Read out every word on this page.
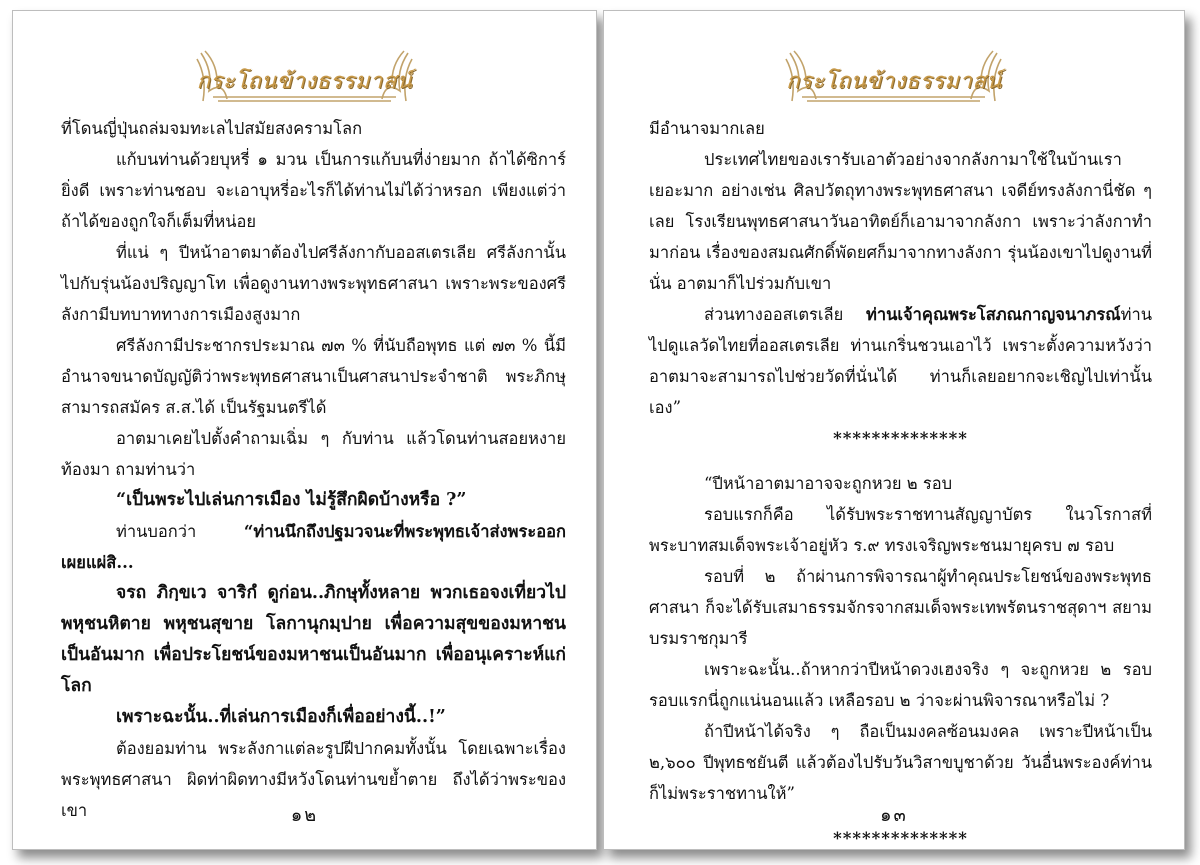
กระโถนข้างธรรมาสน์

ที่โดนญี่ปุ่นถล่มจมทะเลไปสมัยสงครามโลก

แก้บนท่านด้วยบุหรี่ ๑ มวน เป็นการแก้บนที่ง่ายมาก ถ้าได้ซิการ์ยิ่งดี เพราะท่านชอบ จะเอาบุหรี่อะไรก็ได้ท่านไม่ได้ว่าหรอก เพียงแต่ว่าถ้าได้ของถูกใจก็เต็มที่หน่อย

ที่แน่ ๆ ปีหน้าอาตมาต้องไปศรีลังกากับออสเตรเลีย ศรีลังกานั้นไปกับรุ่นน้องปริญญาโท เพื่อดูงานทางพระพุทธศาสนา เพราะพระของศรีลังกามีบทบาททางการเมืองสูงมาก

ศรีลังกามีประชากรประมาณ ๗๓ % ที่นับถือพุทธ แต่ ๗๓ % นี้มีอำนาจขนาดบัญญัติว่าพระพุทธศาสนาเป็นศาสนาประจำชาติ พระภิกษุสามารถสมัคร ส.ส.ได้ เป็นรัฐมนตรีได้

อาตมาเคยไปตั้งคำถามเฉิ่ม ๆ กับท่าน แล้วโดนท่านสอยหงายท้องมา ถามท่านว่า

“เป็นพระไปเล่นการเมือง ไม่รู้สึกผิดบ้างหรือ ?”

ท่านบอกว่า	“ท่านนึกถึงปฐมวจนะที่พระพุทธเจ้าส่งพระออกเผยแผ่สิ...

จรถ ภิกฺขเว จาริกํ ดูก่อน..ภิกษุทั้งหลาย พวกเธอจงเที่ยวไปพหุชนหิตาย พหุชนสุขาย โลกานุกมฺปาย เพื่อความสุขของมหาชนเป็นอันมาก เพื่อประโยชน์ของมหาชนเป็นอันมาก เพื่ออนุเคราะห์แก่โลก

เพราะฉะนั้น..ที่เล่นการเมืองก็เพื่ออย่างนี้..!”

ต้องยอมท่าน พระลังกาแต่ละรูปฝีปากคมทั้งนั้น โดยเฉพาะเรื่องพระพุทธศาสนา ผิดท่าผิดทางมีหวังโดนท่านขย้ำตาย ถึงได้ว่าพระของเขา	๑๒
กระโถนข้างธรรมาสน์

มีอำนาจมากเลย

ประเทศไทยของเรารับเอาตัวอย่างจากลังกามาใช้ในบ้านเราเยอะมาก อย่างเช่น ศิลปวัตถุทางพระพุทธศาสนา เจดีย์ทรงลังกานี่ชัด ๆ เลย โรงเรียนพุทธศาสนาวันอาทิตย์ก็เอามาจากลังกา เพราะว่าลังกาทำมาก่อน เรื่องของสมณศักดิ์พัดยศก็มาจากทางลังกา รุ่นน้องเขาไปดูงานที่นั่น อาตมาก็ไปร่วมกับเขา

ส่วนทางออสเตรเลีย ท่านเจ้าคุณพระโสภณกาญจนาภรณ์ท่านไปดูแลวัดไทยที่ออสเตรเลีย ท่านเกริ่นชวนเอาไว้ เพราะตั้งความหวังว่าอาตมาจะสามารถไปช่วยวัดที่นั่นได้ ท่านก็เลยอยากจะเชิญไปเท่านั้นเอง”

**************

“ปีหน้าอาตมาอาจจะถูกหวย ๒ รอบ

รอบแรกก็คือ ได้รับพระราชทานสัญญาบัตร ในวโรกาสที่พระบาทสมเด็จพระเจ้าอยู่หัว ร.๙ ทรงเจริญพระชนมายุครบ ๗ รอบ

รอบที่ ๒ ถ้าผ่านการพิจารณาผู้ทำคุณประโยชน์ของพระพุทธศาสนา ก็จะได้รับเสมาธรรมจักรจากสมเด็จพระเทพรัตนราชสุดาฯ สยามบรมราชกุมารี

เพราะฉะนั้น..ถ้าหากว่าปีหน้าดวงเฮงจริง ๆ จะถูกหวย ๒ รอบ รอบแรกนี่ถูกแน่นอนแล้ว เหลือรอบ ๒ ว่าจะผ่านพิจารณาหรือไม่ ?

ถ้าปีหน้าได้จริง ๆ ถือเป็นมงคลซ้อนมงคล เพราะปีหน้าเป็น ๒,๖๐๐ ปีพุทธชยันตี แล้วต้องไปรับวันวิสาขบูชาด้วย วันอื่นพระองค์ท่านก็ไม่พระราชทานให้”

**************

๑๓
